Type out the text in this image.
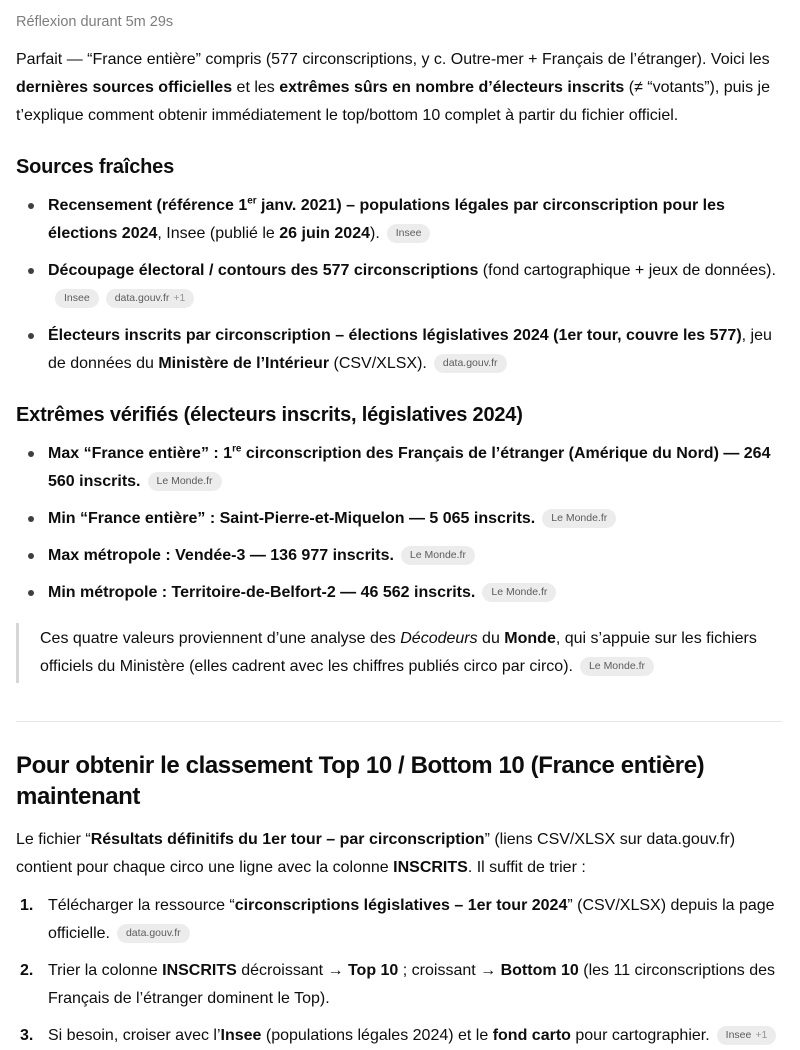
Réflexion durant 5m 29s

Parfait — “France entière” compris (577 circonscriptions, y c. Outre-mer + Français de l’étranger). Voici les dernières sources officielles et les extrêmes sûrs en nombre d’électeurs inscrits (≠ “votants”), puis je t’explique comment obtenir immédiatement le top/bottom 10 complet à partir du fichier officiel.

Sources fraîches
Recensement (référence 1er janv. 2021) – populations légales par circonscription pour les élections 2024, Insee (publié le 26 juin 2024). Insee
Découpage électoral / contours des 577 circonscriptions (fond cartographique + jeux de données).Insee data.gouv.fr +1
Électeurs inscrits par circonscription – élections législatives 2024 (1er tour, couvre les 577), jeu de données du Ministère de l’Intérieur (CSV/XLSX). data.gouv.fr
Extrêmes vérifiés (électeurs inscrits, législatives 2024)
Max “France entière” : 1re circonscription des Français de l’étranger (Amérique du Nord) — 264 560 inscrits. Le Monde.fr
Min “France entière” : Saint-Pierre-et-Miquelon — 5 065 inscrits. Le Monde.fr
Max métropole : Vendée-3 — 136 977 inscrits. Le Monde.fr
Min métropole : Territoire-de-Belfort-2 — 46 562 inscrits. Le Monde.fr
Ces quatre valeurs proviennent d’une analyse des Décodeurs du Monde, qui s’appuie sur les fichiers officiels du Ministère (elles cadrent avec les chiffres publiés circo par circo). Le Monde.fr
Pour obtenir le classement Top 10 / Bottom 10 (France entière) maintenant

Le fichier “Résultats définitifs du 1er tour – par circonscription” (liens CSV/XLSX sur data.gouv.fr) contient pour chaque circo une ligne avec la colonne INSCRITS. Il suffit de trier :

Télécharger la ressource “circonscriptions législatives – 1er tour 2024” (CSV/XLSX) depuis la page officielle. data.gouv.fr
Trier la colonne INSCRITS décroissant → Top 10 ; croissant → Bottom 10 (les 11 circonscriptions des Français de l’étranger dominent le Top).
Si besoin, croiser avec l’Insee (populations légales 2024) et le fond carto pour cartographier. Insee +1
